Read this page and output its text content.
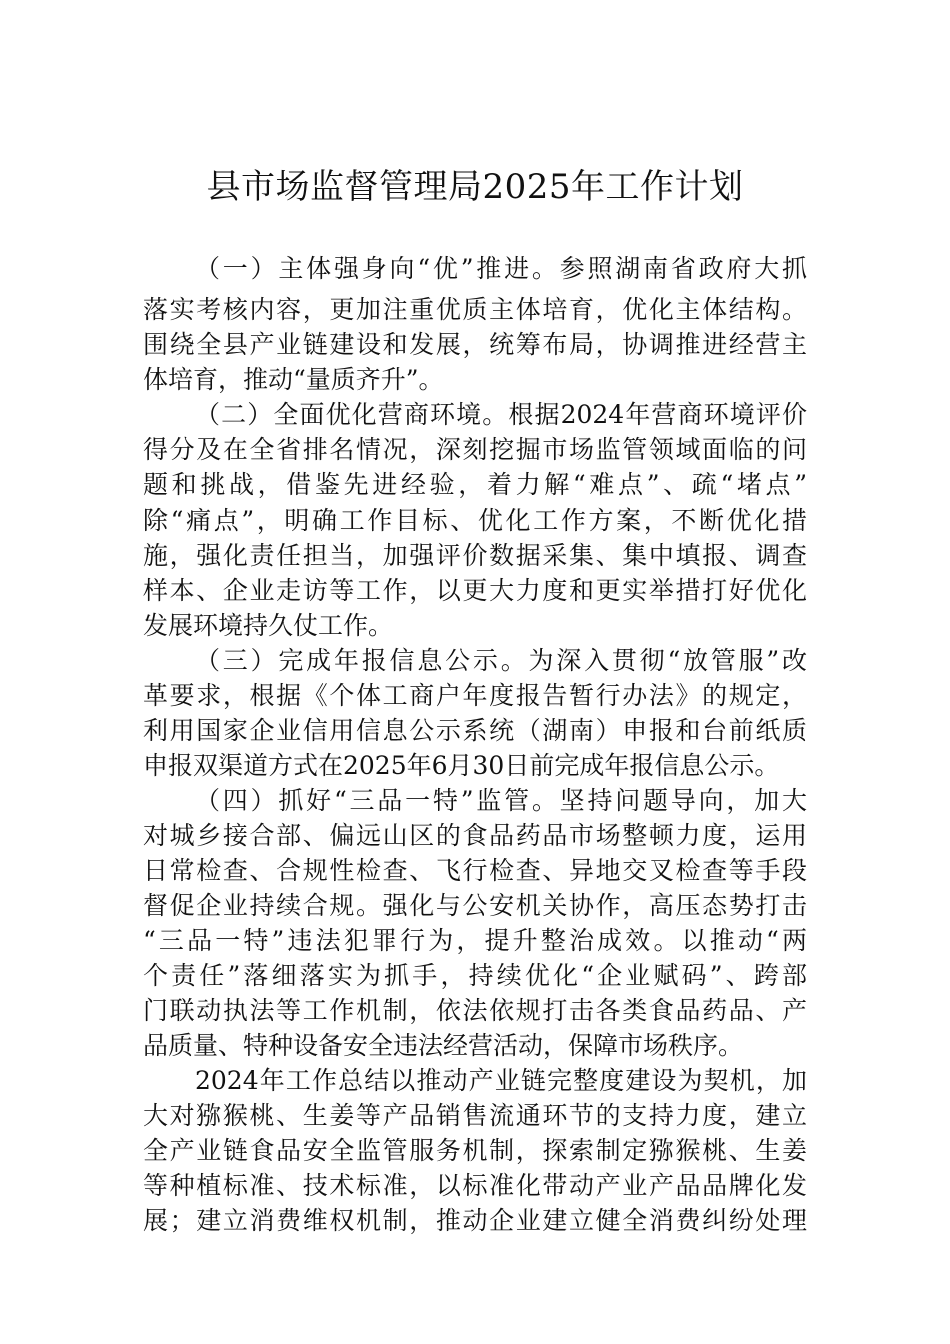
县市场监督管理局2025年工作计划
（一）主体强身向“优”推进。参照湖南省政府大抓
落实考核内容，更加注重优质主体培育，优化主体结构。
围绕全县产业链建设和发展，统筹布局，协调推进经营主
体培育，推动“量质齐升”。
（二）全面优化营商环境。根据2024年营商环境评价
得分及在全省排名情况，深刻挖掘市场监管领域面临的问
题和挑战，借鉴先进经验，着力解“难点”、疏“堵点”
除“痛点”，明确工作目标、优化工作方案，不断优化措
施，强化责任担当，加强评价数据采集、集中填报、调查
样本、企业走访等工作，以更大力度和更实举措打好优化
发展环境持久仗工作。
（三）完成年报信息公示。为深入贯彻“放管服”改
革要求，根据《个体工商户年度报告暂行办法》的规定，
利用国家企业信用信息公示系统（湖南）申报和台前纸质
申报双渠道方式在2025年6月30日前完成年报信息公示。
（四）抓好“三品一特”监管。坚持问题导向，加大
对城乡接合部、偏远山区的食品药品市场整顿力度，运用
日常检查、合规性检查、飞行检查、异地交叉检查等手段
督促企业持续合规。强化与公安机关协作，高压态势打击
“三品一特”违法犯罪行为，提升整治成效。以推动“两
个责任”落细落实为抓手，持续优化“企业赋码”、跨部
门联动执法等工作机制，依法依规打击各类食品药品、产
品质量、特种设备安全违法经营活动，保障市场秩序。
2024年工作总结以推动产业链完整度建设为契机，加
大对猕猴桃、生姜等产品销售流通环节的支持力度，建立
全产业链食品安全监管服务机制，探索制定猕猴桃、生姜
等种植标准、技术标准，以标准化带动产业产品品牌化发
展；建立消费维权机制，推动企业建立健全消费纠纷处理
